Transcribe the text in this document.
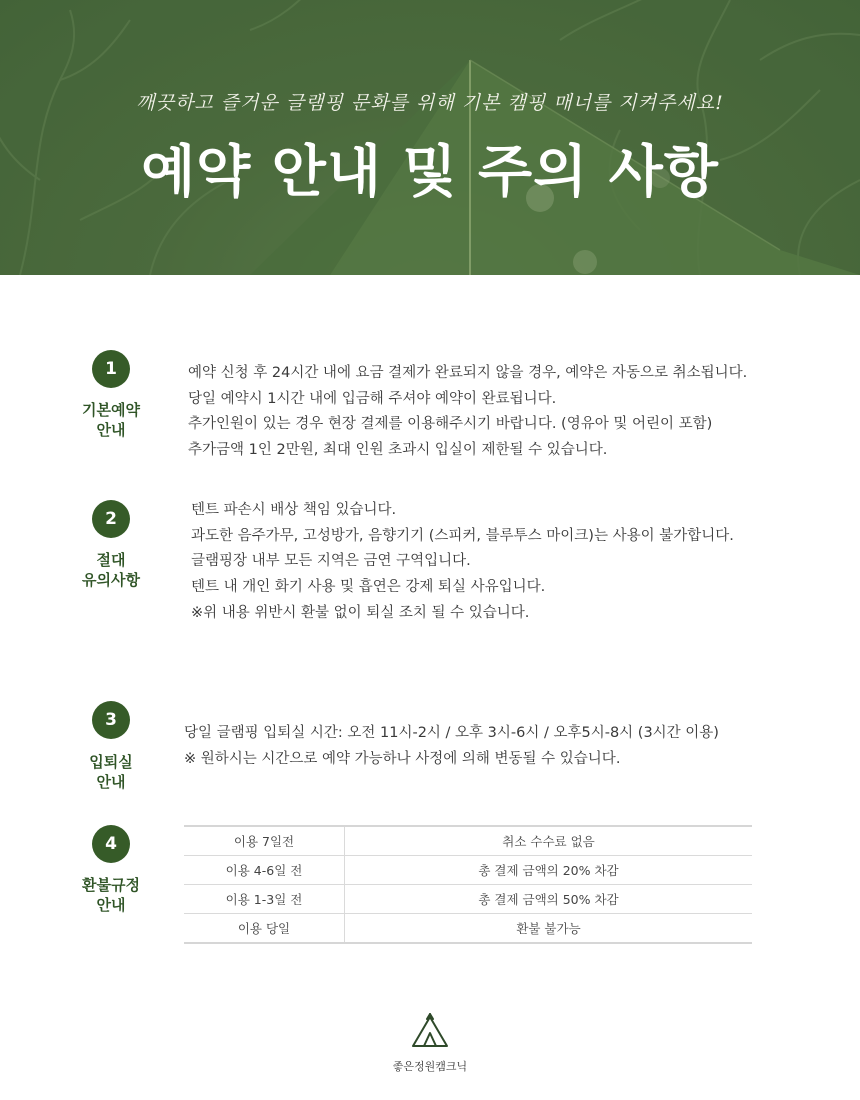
깨끗하고 즐거운 글램핑 문화를 위해 기본 캠핑 매너를 지켜주세요!
예약 안내 및 주의 사항
1
기본예약
안내
예약 신청 후 24시간 내에 요금 결제가 완료되지 않을 경우, 예약은 자동으로 취소됩니다.
당일 예약시 1시간 내에 입금해 주셔야 예약이 완료됩니다.
추가인원이 있는 경우 현장 결제를 이용해주시기 바랍니다. (영유아 및 어린이 포함)
추가금액 1인 2만원, 최대 인원 초과시 입실이 제한될 수 있습니다.
2
절대
유의사항
텐트 파손시 배상 책임 있습니다.
과도한 음주가무, 고성방가, 음향기기 (스피커, 블루투스 마이크)는 사용이 불가합니다.
글램핑장 내부 모든 지역은 금연 구역입니다.
텐트 내 개인 화기 사용 및 흡연은 강제 퇴실 사유입니다.
※위 내용 위반시 환불 없이 퇴실 조치 될 수 있습니다.
3
입퇴실
안내
당일 글램핑 입퇴실 시간: 오전 11시-2시 / 오후 3시-6시 / 오후5시-8시 (3시간 이용)
※ 원하시는 시간으로 예약 가능하나 사정에 의해 변동될 수 있습니다.
4
환불규정
안내
이용 7일전	취소 수수료 없음
이용 4-6일 전	총 결제 금액의 20% 차감
이용 1-3일 전	총 결제 금액의 50% 차감
이용 당일	환불 불가능
좋은정원캠크닉
